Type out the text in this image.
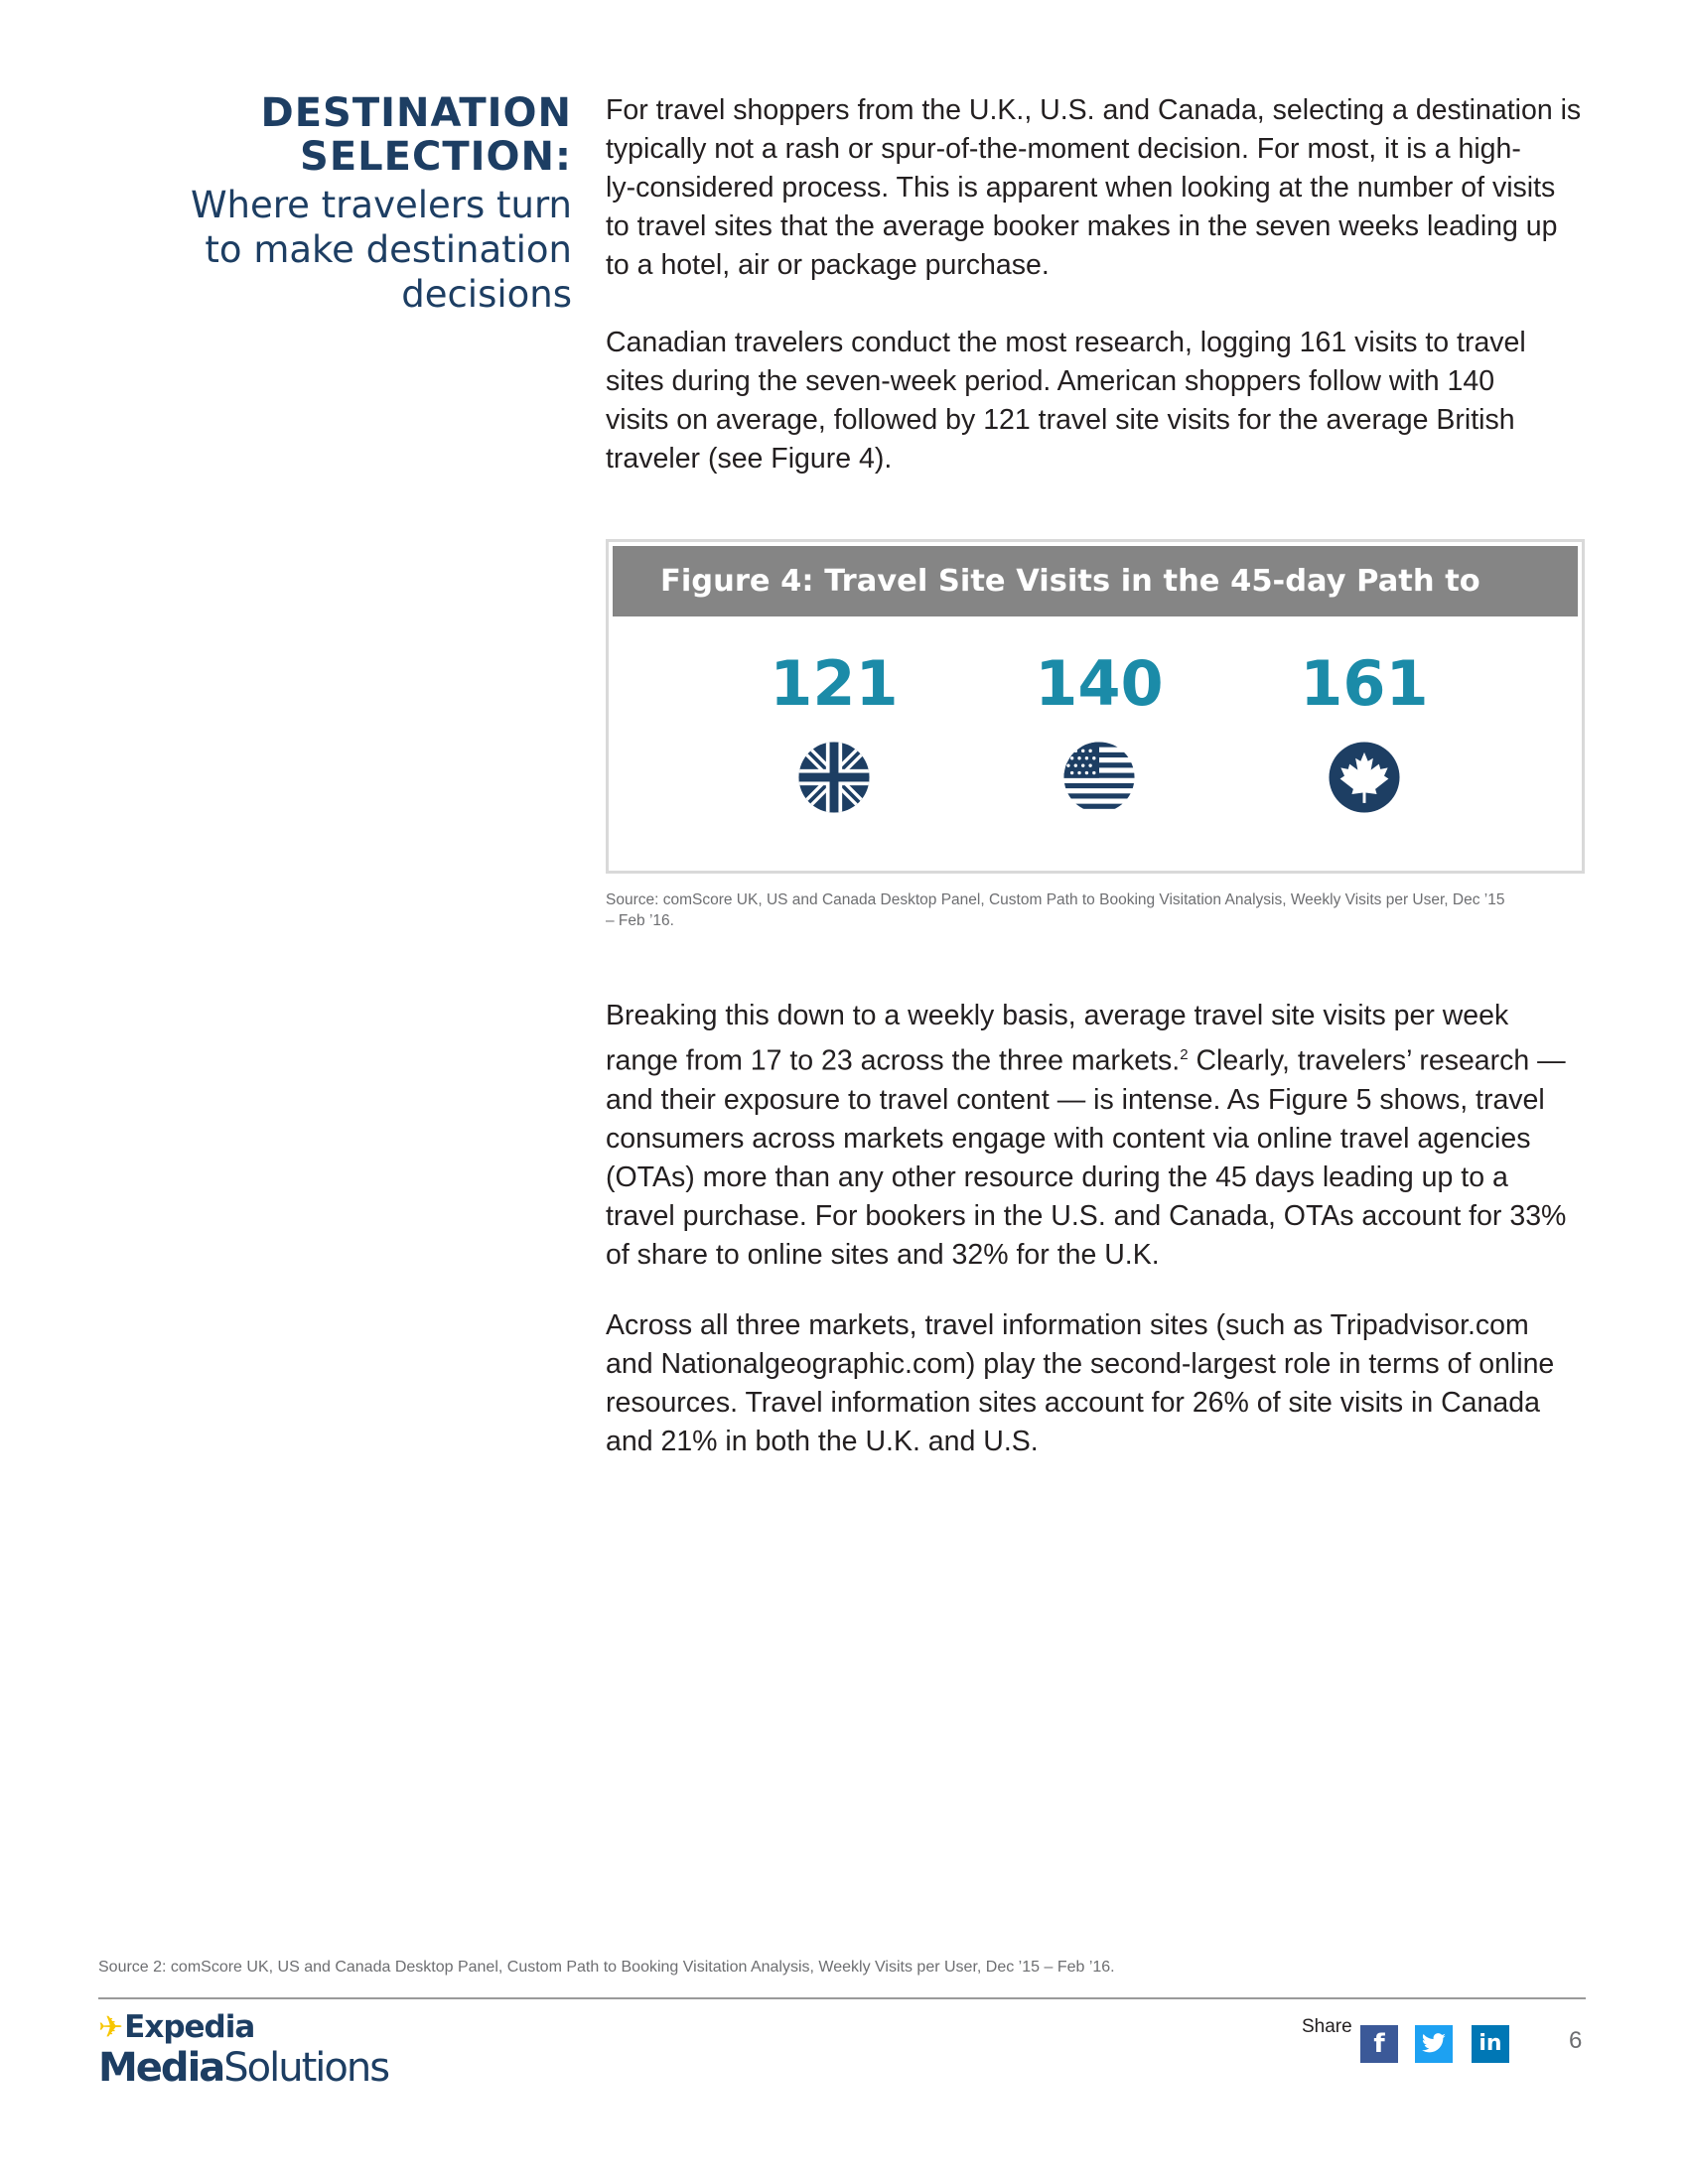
DESTINATION
SELECTION:
Where travelers turn
to make destination
decisions

For travel shoppers from the U.K., U.S. and Canada, selecting a destination is

typically not a rash or spur-of-the-moment decision. For most, it is a high-

ly-considered process. This is apparent when looking at the number of visits

to travel sites that the average booker makes in the seven weeks leading up

to a hotel, air or package purchase.

Canadian travelers conduct the most research, logging 161 visits to travel

sites during the seven-week period. American shoppers follow with 140

visits on average, followed by 121 travel site visits for the average British

traveler (see Figure 4).

Figure 4: Travel Site Visits in the 45-day Path to Purchase
121	140	161
Source: comScore UK, US and Canada Desktop Panel, Custom Path to Booking Visitation Analysis, Weekly Visits per User, Dec ’15
– Feb ’16.

Breaking this down to a weekly basis, average travel site visits per week

range from 17 to 23 across the three markets.$^2$ Clearly, travelers’ research —

and their exposure to travel content — is intense. As Figure 5 shows, travel

consumers across markets engage with content via online travel agencies

(OTAs) more than any other resource during the 45 days leading up to a

travel purchase. For bookers in the U.S. and Canada, OTAs account for 33%

of share to online sites and 32% for the U.K.

Across all three markets, travel information sites (such as Tripadvisor.com

and Nationalgeographic.com) play the second-largest role in terms of online

resources. Travel information sites account for 26% of site visits in Canada

and 21% in both the U.K. and U.S.

Source 2: comScore UK, US and Canada Desktop Panel, Custom Path to Booking Visitation Analysis, Weekly Visits per User, Dec ’15 – Feb ’16.
✈Expedia
MediaSolutions
Share
f	in	6
